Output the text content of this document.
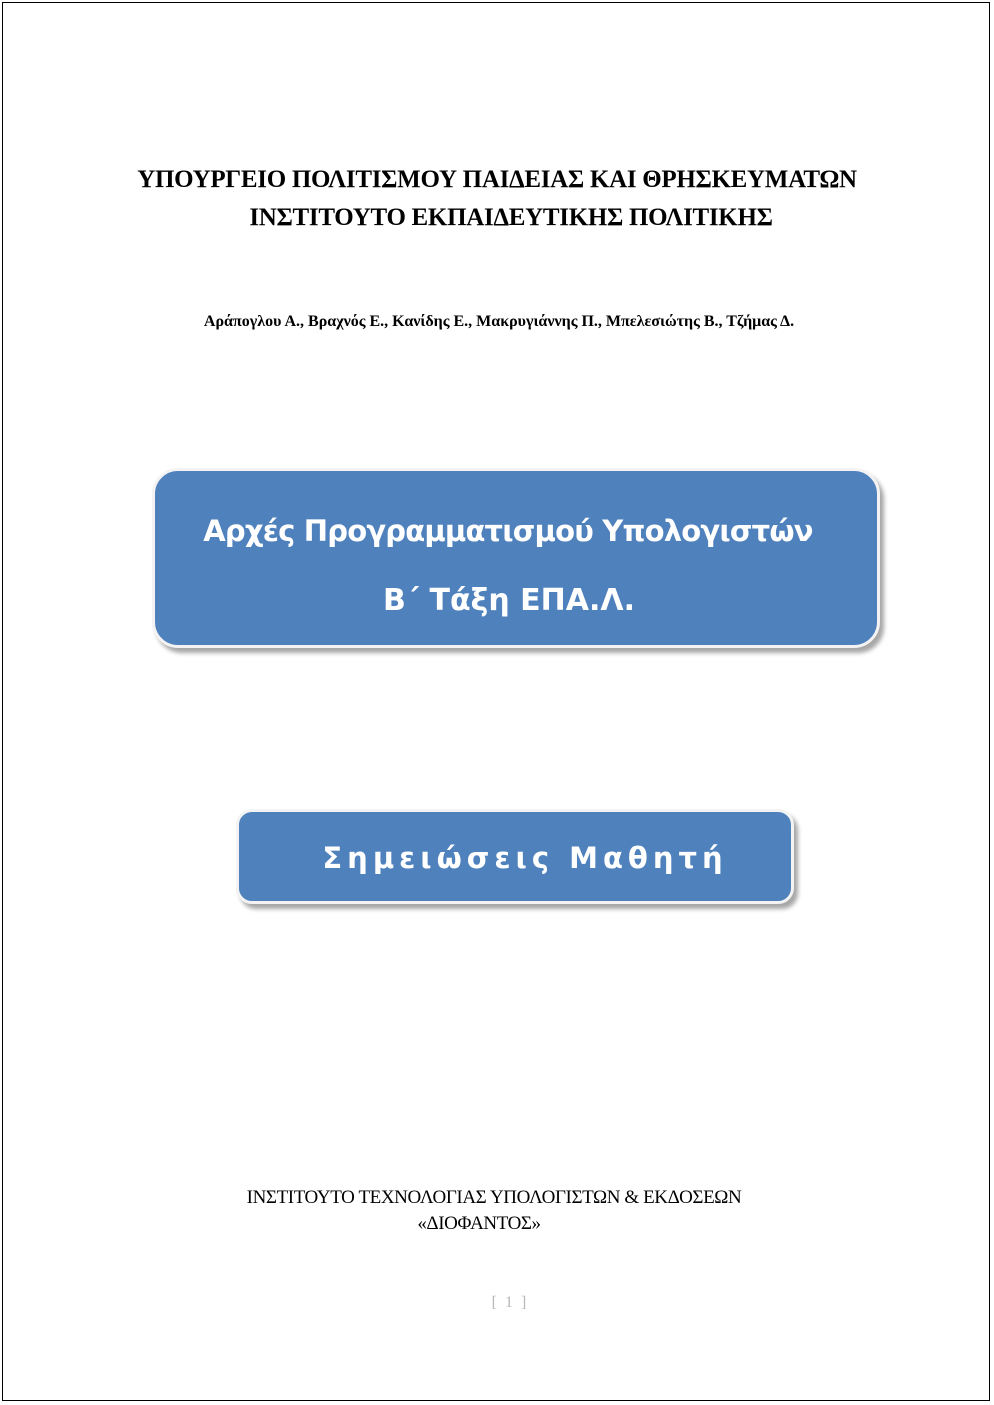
ΥΠΟΥΡΓΕΙΟ ΠΟΛΙΤΙΣΜΟΥ ΠΑΙΔΕΙΑΣ ΚΑΙ ΘΡΗΣΚΕΥΜΑΤΩΝ
ΙΝΣΤΙΤΟΥΤΟ ΕΚΠΑΙΔΕΥΤΙΚΗΣ ΠΟΛΙΤΙΚΗΣ
Αράπογλου Α., Βραχνός Ε., Κανίδης Ε., Μακρυγιάννης Π., Μπελεσιώτης Β., Τζήμας Δ.
Αρχές Προγραμματισμού Υπολογιστών
Β΄ Τάξη ΕΠΑ.Λ.
Σημειώσεις Μαθητή
ΙΝΣΤΙΤΟΥΤΟ ΤΕΧΝΟΛΟΓΙΑΣ ΥΠΟΛΟΓΙΣΤΩΝ & ΕΚΔΟΣΕΩΝ
«ΔΙΟΦΑΝΤΟΣ»
[ 1 ]
